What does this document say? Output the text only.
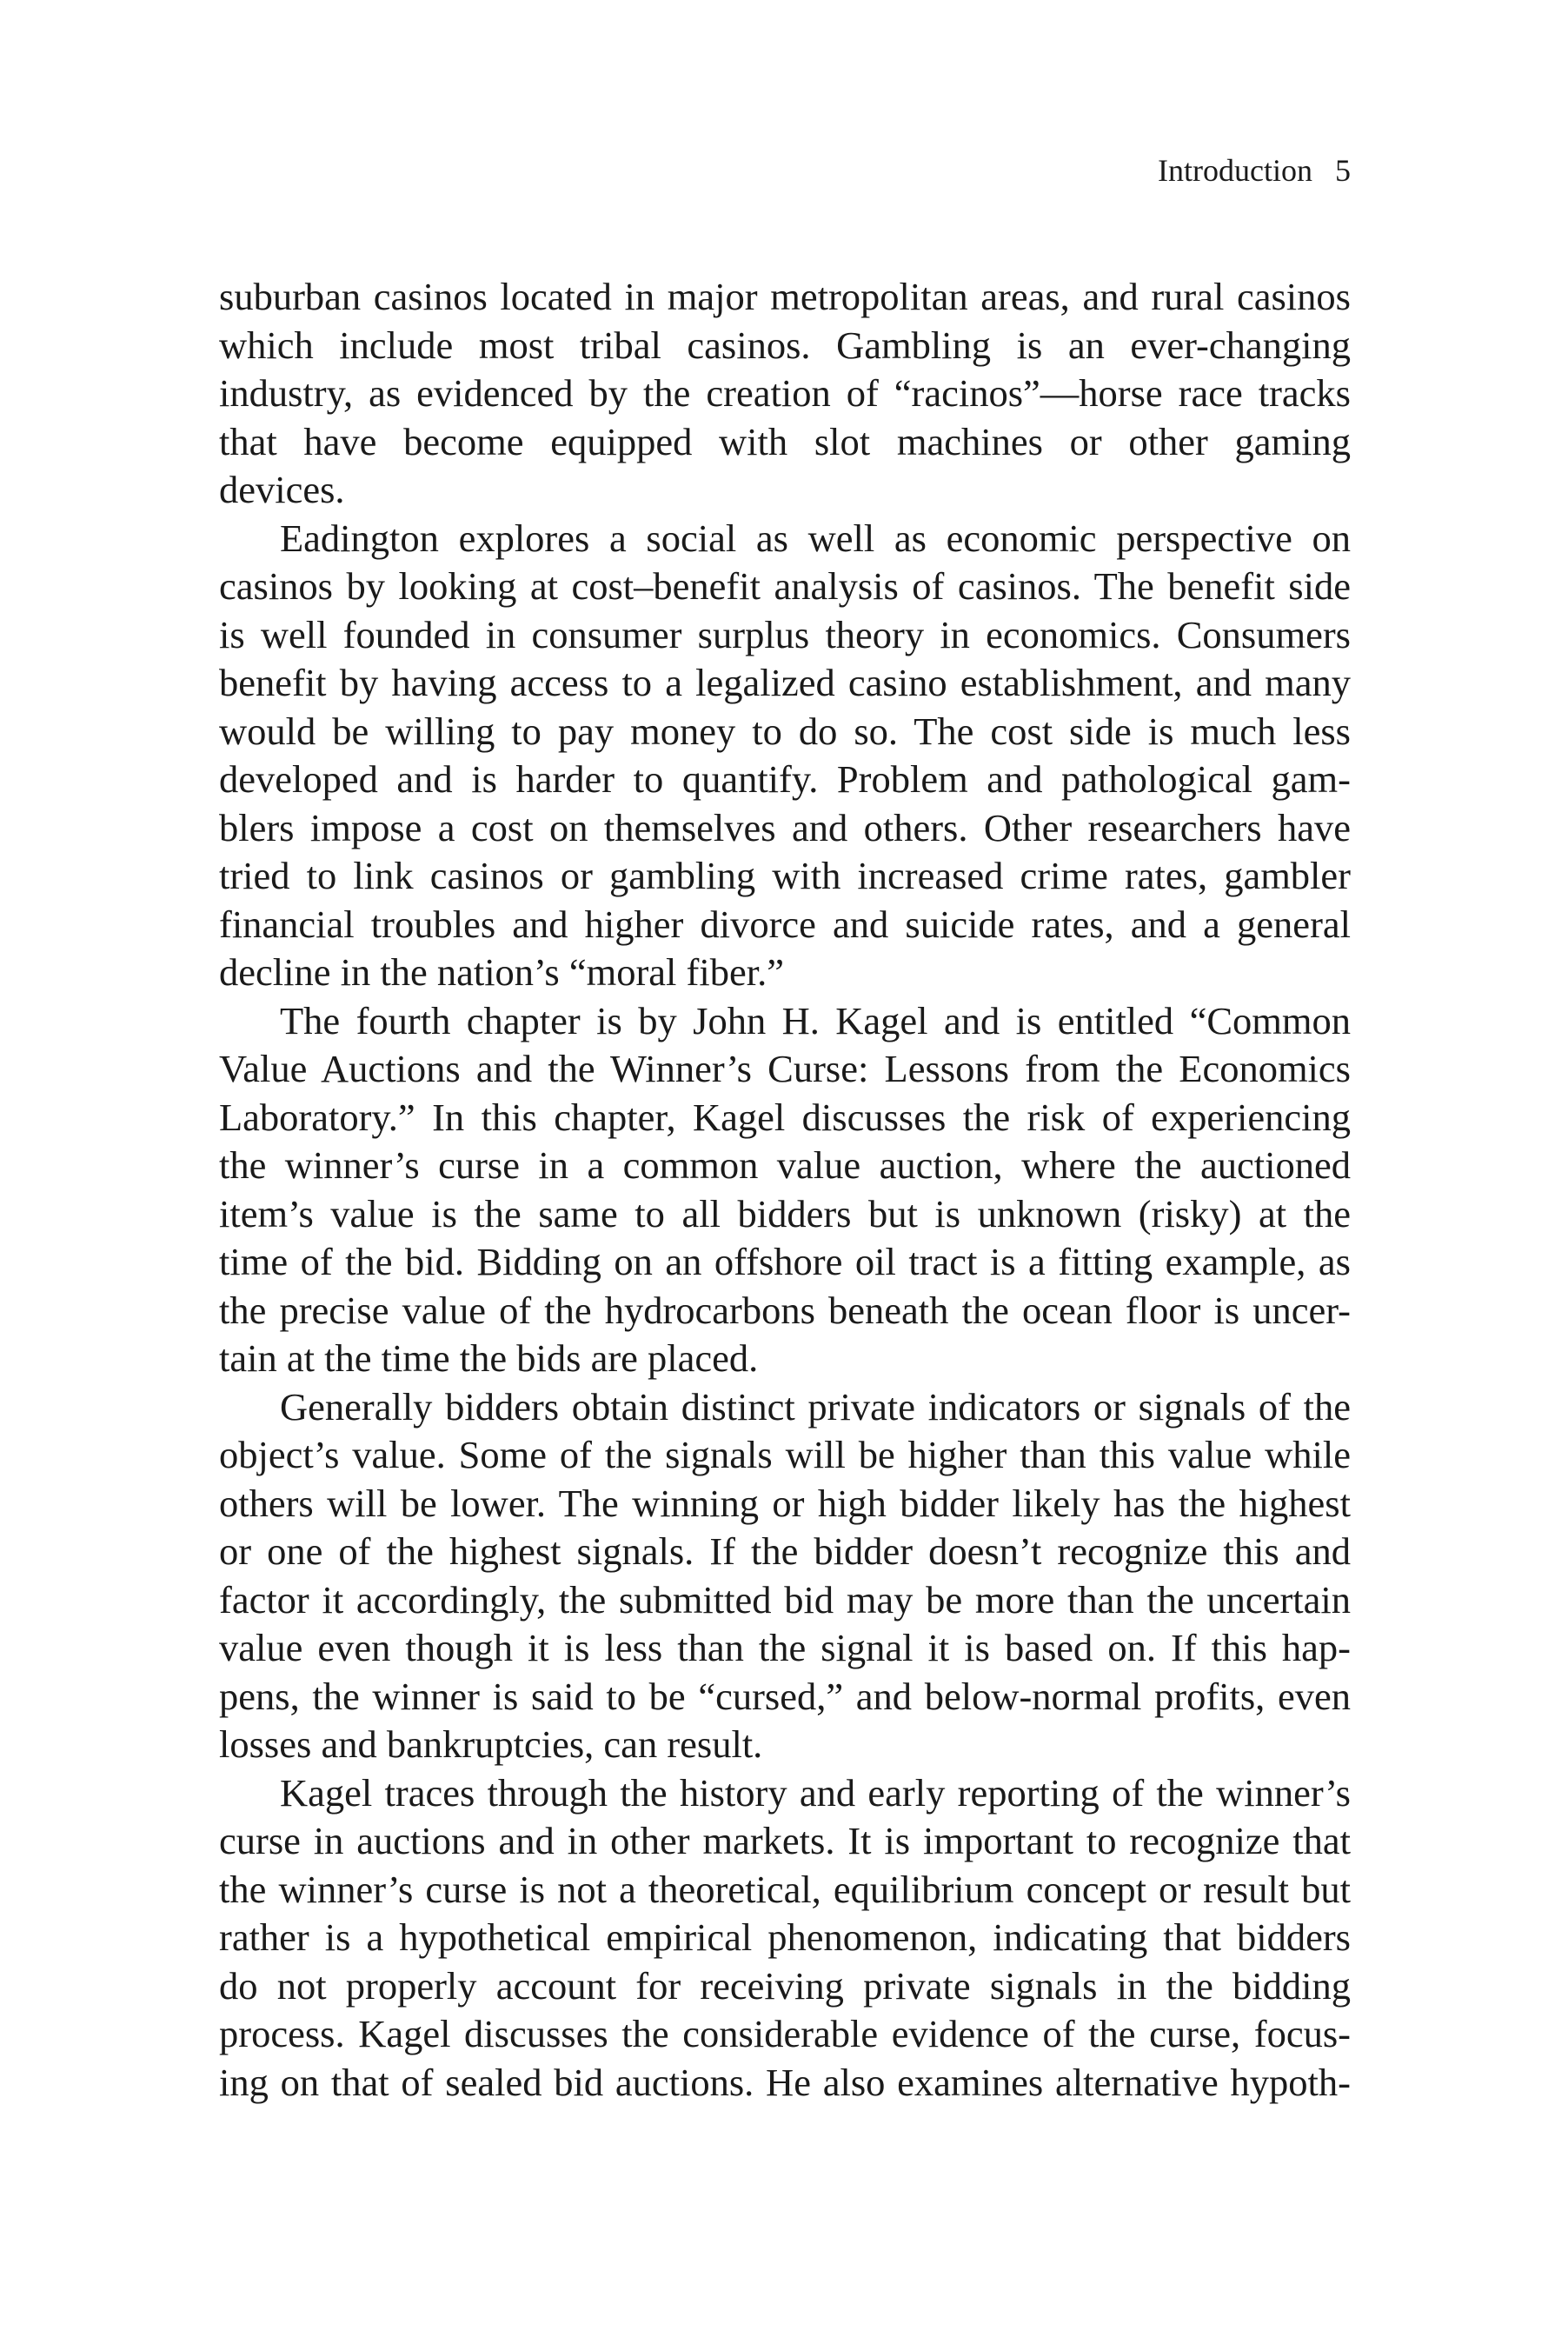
Introduction 5

suburban casinos located in major metropolitan areas, and rural casinos
which include most tribal casinos. Gambling is an ever-changing
industry, as evidenced by the creation of “racinos”—horse race tracks
that have become equipped with slot machines or other gaming
devices.

Eadington explores a social as well as economic perspective on
casinos by looking at cost–benefit analysis of casinos. The benefit side
is well founded in consumer surplus theory in economics. Consumers
benefit by having access to a legalized casino establishment, and many
would be willing to pay money to do so. The cost side is much less
developed and is harder to quantify. Problem and pathological gam-
blers impose a cost on themselves and others. Other researchers have
tried to link casinos or gambling with increased crime rates, gambler
financial troubles and higher divorce and suicide rates, and a general
decline in the nation’s “moral fiber.”

The fourth chapter is by John H. Kagel and is entitled “Common
Value Auctions and the Winner’s Curse: Lessons from the Economics
Laboratory.” In this chapter, Kagel discusses the risk of experiencing
the winner’s curse in a common value auction, where the auctioned
item’s value is the same to all bidders but is unknown (risky) at the
time of the bid. Bidding on an offshore oil tract is a fitting example, as
the precise value of the hydrocarbons beneath the ocean floor is uncer-
tain at the time the bids are placed.

Generally bidders obtain distinct private indicators or signals of the
object’s value. Some of the signals will be higher than this value while
others will be lower. The winning or high bidder likely has the highest
or one of the highest signals. If the bidder doesn’t recognize this and
factor it accordingly, the submitted bid may be more than the uncertain
value even though it is less than the signal it is based on. If this hap-
pens, the winner is said to be “cursed,” and below-normal profits, even
losses and bankruptcies, can result.

Kagel traces through the history and early reporting of the winner’s
curse in auctions and in other markets. It is important to recognize that
the winner’s curse is not a theoretical, equilibrium concept or result but
rather is a hypothetical empirical phenomenon, indicating that bidders
do not properly account for receiving private signals in the bidding
process. Kagel discusses the considerable evidence of the curse, focus-
ing on that of sealed bid auctions. He also examines alternative hypoth-
